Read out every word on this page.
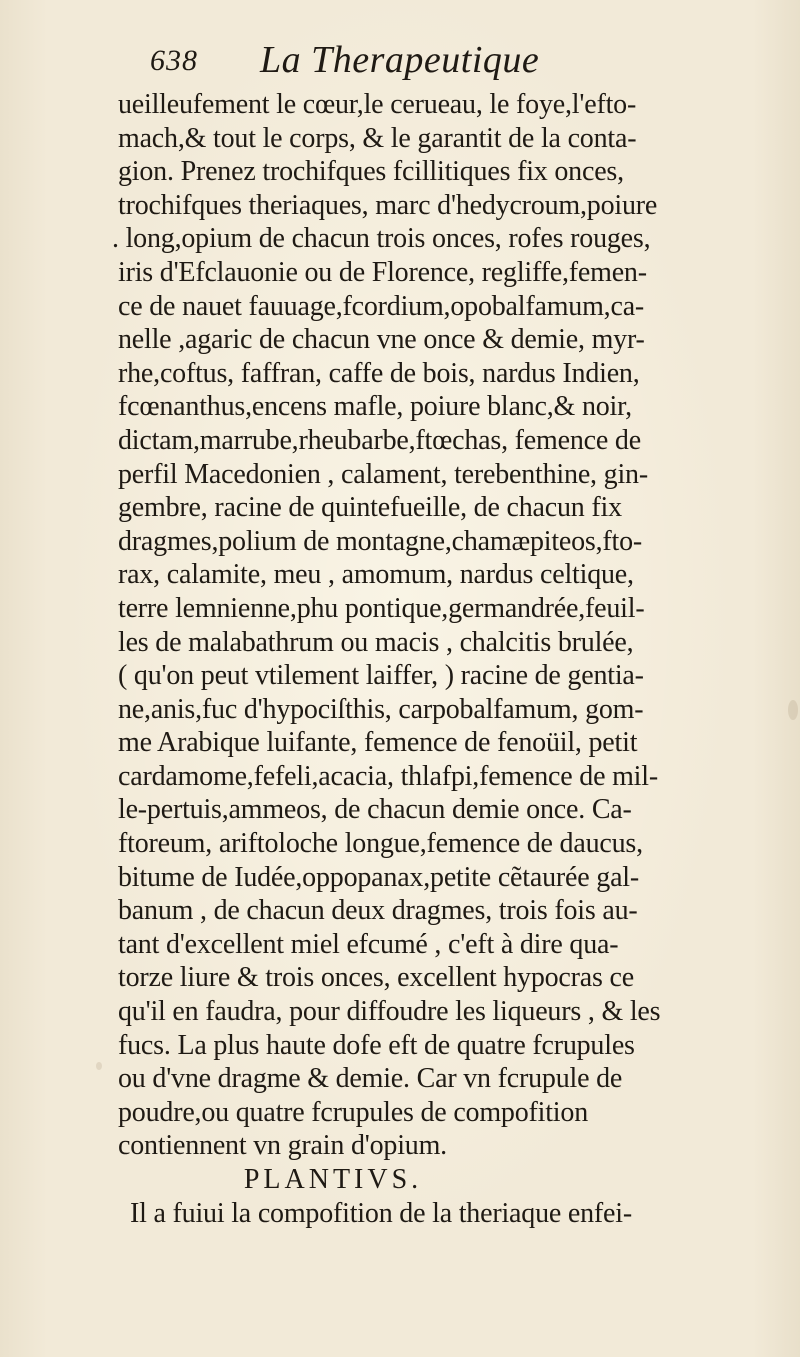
638 La Therapeutique
ueilleufement le cœur,le cerueau, le foye,l'efto-
mach,& tout le corps, & le garantit de la conta-
gion. Prenez trochifques fcillitiques fix onces,
trochifques theriaques, marc d'hedycroum,poiure
. long,opium de chacun trois onces, rofes rouges,
iris d'Efclauonie ou de Florence, regliffe,femen-
ce de nauet fauuage,fcordium,opobalfamum,ca-
nelle ,agaric de chacun vne once & demie, myr-
rhe,coftus, faffran, caffe de bois, nardus Indien,
fcœnanthus,encens mafle, poiure blanc,& noir,
dictam,marrube,rheubarbe,ftœchas, femence de
perfil Macedonien , calament, terebenthine, gin-
gembre, racine de quintefueille, de chacun fix
dragmes,polium de montagne,chamæpiteos,fto-
rax, calamite, meu , amomum, nardus celtique,
terre lemnienne,phu pontique,germandrée,feuil-
les de malabathrum ou macis , chalcitis brulée,
( qu'on peut vtilement laiffer, ) racine de gentia-
ne,anis,fuc d'hypociſthis, carpobalfamum, gom-
me Arabique luifante, femence de fenoüil, petit
cardamome,fefeli,acacia, thlafpi,femence de mil-
le-pertuis,ammeos, de chacun demie once. Ca-
ftoreum, ariftoloche longue,femence de daucus,
bitume de Iudée,oppopanax,petite cẽtaurée gal-
banum , de chacun deux dragmes, trois fois au-
tant d'excellent miel efcumé , c'eft à dire qua-
torze liure & trois onces, excellent hypocras ce
qu'il en faudra, pour diffoudre les liqueurs , & les
fucs. La plus haute dofe eft de quatre fcrupules
ou d'vne dragme & demie. Car vn fcrupule de
poudre,ou quatre fcrupules de compofition
contiennent vn grain d'opium.
PLANTIVS.
Il a fuiui la compofition de la theriaque enfei-
